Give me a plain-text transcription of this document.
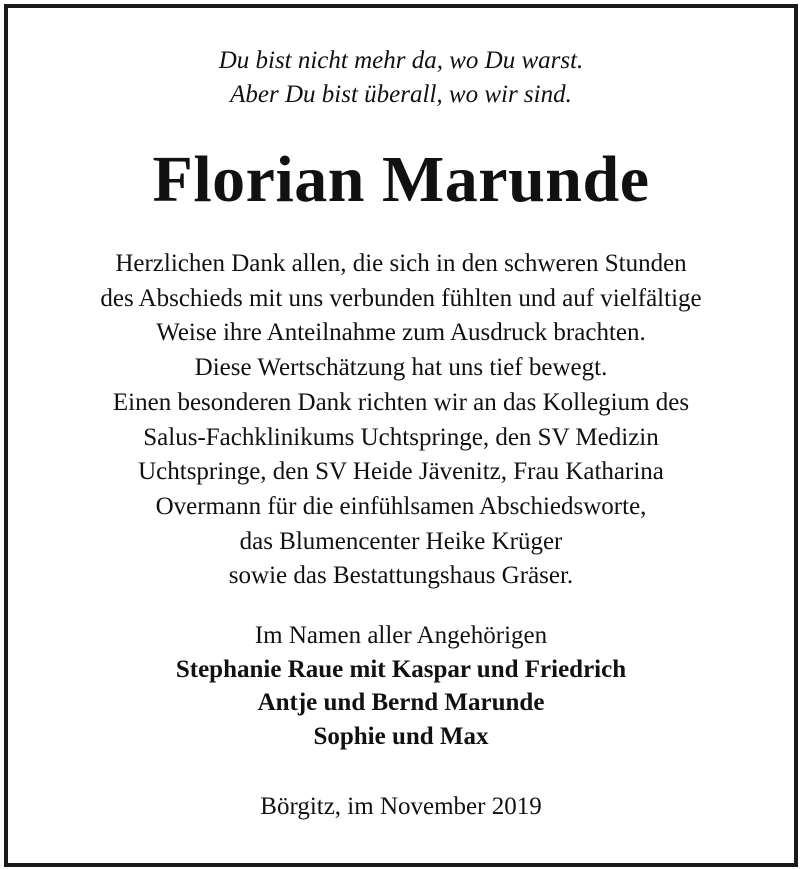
Du bist nicht mehr da, wo Du warst.
Aber Du bist überall, wo wir sind.
Florian Marunde
Herzlichen Dank allen, die sich in den schweren Stunden
des Abschieds mit uns verbunden fühlten und auf vielfältige
Weise ihre Anteilnahme zum Ausdruck brachten.
Diese Wertschätzung hat uns tief bewegt.
Einen besonderen Dank richten wir an das Kollegium des
Salus-Fachklinikums Uchtspringe, den SV Medizin
Uchtspringe, den SV Heide Jävenitz, Frau Katharina
Overmann für die einfühlsamen Abschiedsworte,
das Blumencenter Heike Krüger
sowie das Bestattungshaus Gräser.
Im Namen aller Angehörigen
Stephanie Raue mit Kaspar und Friedrich
Antje und Bernd Marunde
Sophie und Max
Börgitz, im November 2019
